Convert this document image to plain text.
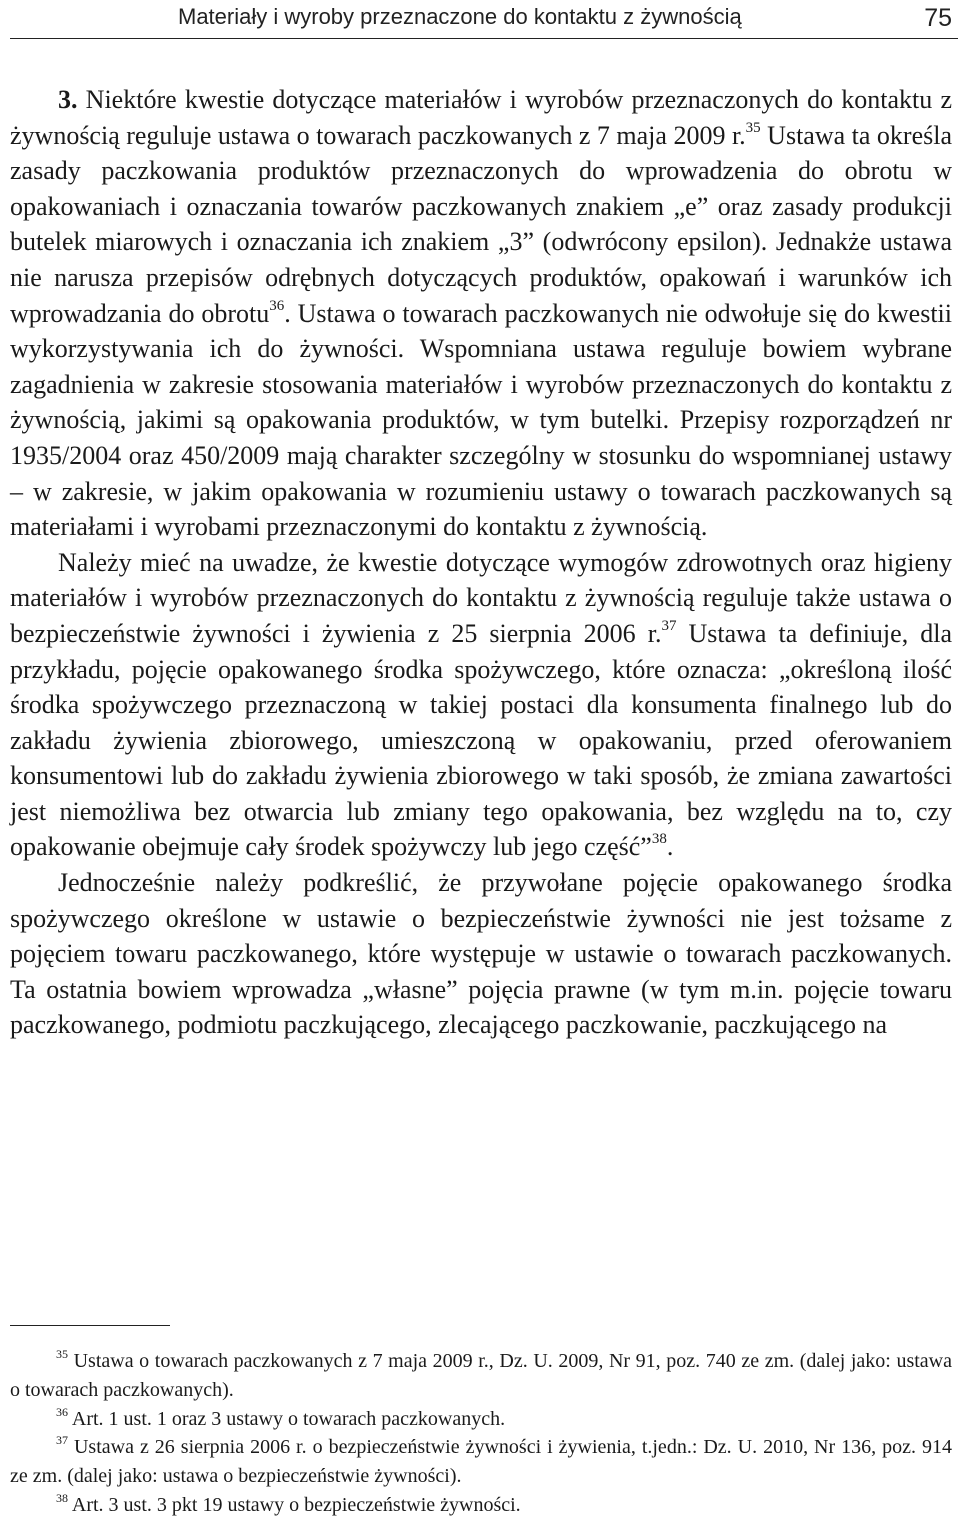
Materiały i wyroby przeznaczone do kontaktu z żywnością	75

3. Niektóre kwestie dotyczące materiałów i wyrobów przeznaczonych do kontaktu z żywnością reguluje ustawa o towarach paczkowanych z 7 maja 2009 r.$^{35}$ Ustawa ta określa zasady paczkowania produktów przeznaczonych do wprowadzenia do obrotu w opakowaniach i oznaczania towarów paczkowanych znakiem „e” oraz zasady produkcji butelek miarowych i oznaczania ich znakiem „3” (odwrócony epsilon). Jednakże ustawa nie narusza przepisów odrębnych dotyczących produktów, opakowań i warunków ich wprowadzania do obrotu$^{36}$. Ustawa o towarach paczkowanych nie odwołuje się do kwestii wykorzystywania ich do żywności. Wspomniana ustawa reguluje bowiem wybrane zagadnienia w zakresie stosowania materiałów i wyrobów przeznaczonych do kontaktu z żywnością, jakimi są opakowania produktów, w tym butelki. Przepisy rozporządzeń nr 1935/2004 oraz 450/2009 mają charakter szczególny w stosunku do wspomnianej ustawy – w zakresie, w jakim opakowania w rozumieniu ustawy o towarach paczkowanych są materiałami i wyrobami przeznaczonymi do kontaktu z żywnością.

Należy mieć na uwadze, że kwestie dotyczące wymogów zdrowotnych oraz higieny materiałów i wyrobów przeznaczonych do kontaktu z żywnością reguluje także ustawa o bezpieczeństwie żywności i żywienia z 25 sierpnia 2006 r.$^{37}$ Ustawa ta definiuje, dla przykładu, pojęcie opakowanego środka spożywczego, które oznacza: „określoną ilość środka spożywczego przeznaczoną w takiej postaci dla konsumenta finalnego lub do zakładu żywienia zbiorowego, umieszczoną w opakowaniu, przed oferowaniem konsumentowi lub do zakładu żywienia zbiorowego w taki sposób, że zmiana zawartości jest niemożliwa bez otwarcia lub zmiany tego opakowania, bez względu na to, czy opakowanie obejmuje cały środek spożywczy lub jego część”$^{38}$.

Jednocześnie należy podkreślić, że przywołane pojęcie opakowanego środka spożywczego określone w ustawie o bezpieczeństwie żywności nie jest tożsame z pojęciem towaru paczkowanego, które występuje w ustawie o towarach paczkowanych. Ta ostatnia bowiem wprowadza „własne” pojęcia prawne (w tym m.in. pojęcie towaru paczkowanego, podmiotu paczkującego, zlecającego paczkowanie, paczkującego na

$^{35}$ Ustawa o towarach paczkowanych z 7 maja 2009 r., Dz. U. 2009, Nr 91, poz. 740 ze zm. (dalej jako: ustawa o towarach paczkowanych).

$^{36}$ Art. 1 ust. 1 oraz 3 ustawy o towarach paczkowanych.

$^{37}$ Ustawa z 26 sierpnia 2006 r. o bezpieczeństwie żywności i żywienia, t.jedn.: Dz. U. 2010, Nr 136, poz. 914 ze zm. (dalej jako: ustawa o bezpieczeństwie żywności).

$^{38}$ Art. 3 ust. 3 pkt 19 ustawy o bezpieczeństwie żywności.
